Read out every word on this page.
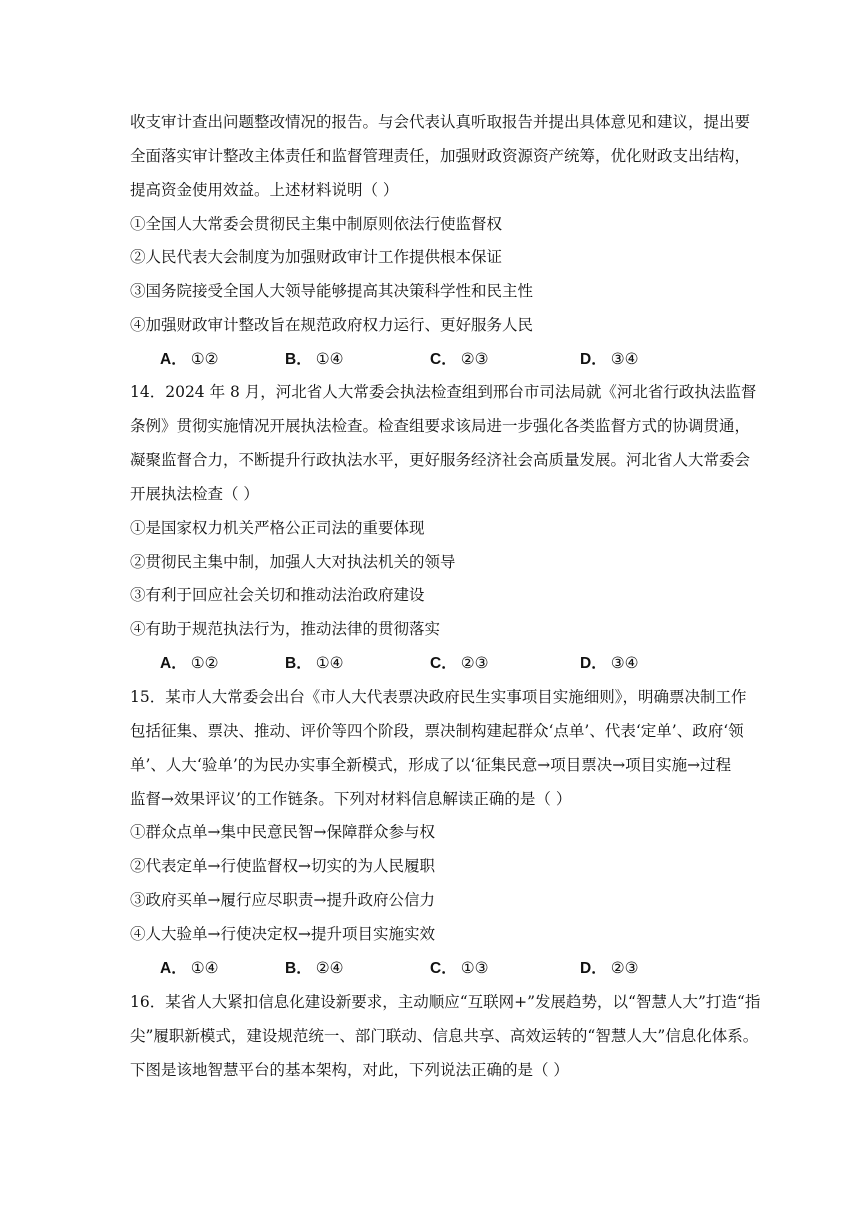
收支审计查出问题整改情况的报告。与会代表认真听取报告并提出具体意见和建议，提出要
全面落实审计整改主体责任和监督管理责任，加强财政资源资产统筹，优化财政支出结构，
提高资金使用效益。上述材料说明（ ）
①全国人大常委会贯彻民主集中制原则依法行使监督权
②人民代表大会制度为加强财政审计工作提供根本保证
③国务院接受全国人大领导能够提高其决策科学性和民主性
④加强财政审计整改旨在规范政府权力运行、更好服务人民
A． ①②	B． ①④	C． ②③	D． ③④
14．2024 年 8 月，河北省人大常委会执法检查组到邢台市司法局就《河北省行政执法监督
条例》贯彻实施情况开展执法检查。检查组要求该局进一步强化各类监督方式的协调贯通，
凝聚监督合力，不断提升行政执法水平，更好服务经济社会高质量发展。河北省人大常委会
开展执法检查（ ）
①是国家权力机关严格公正司法的重要体现
②贯彻民主集中制，加强人大对执法机关的领导
③有利于回应社会关切和推动法治政府建设
④有助于规范执法行为，推动法律的贯彻落实
A． ①②	B． ①④	C． ②③	D． ③④
15．某市人大常委会出台《市人大代表票决政府民生实事项目实施细则》，明确票决制工作
包括征集、票决、推动、评价等四个阶段，票决制构建起群众‘点单’、代表‘定单’、政府‘领
单’、人大‘验单’的为民办实事全新模式，形成了以‘征集民意→项目票决→项目实施→过程
监督→效果评议’的工作链条。下列对材料信息解读正确的是（ ）
①群众点单→集中民意民智→保障群众参与权
②代表定单→行使监督权→切实的为人民履职
③政府买单→履行应尽职责→提升政府公信力
④人大验单→行使决定权→提升项目实施实效
A． ①④	B． ②④	C． ①③	D． ②③
16．某省人大紧扣信息化建设新要求，主动顺应“互联网+”发展趋势，以“智慧人大”打造“指
尖”履职新模式，建设规范统一、部门联动、信息共享、高效运转的“智慧人大”信息化体系。
下图是该地智慧平台的基本架构，对此，下列说法正确的是（ ）
